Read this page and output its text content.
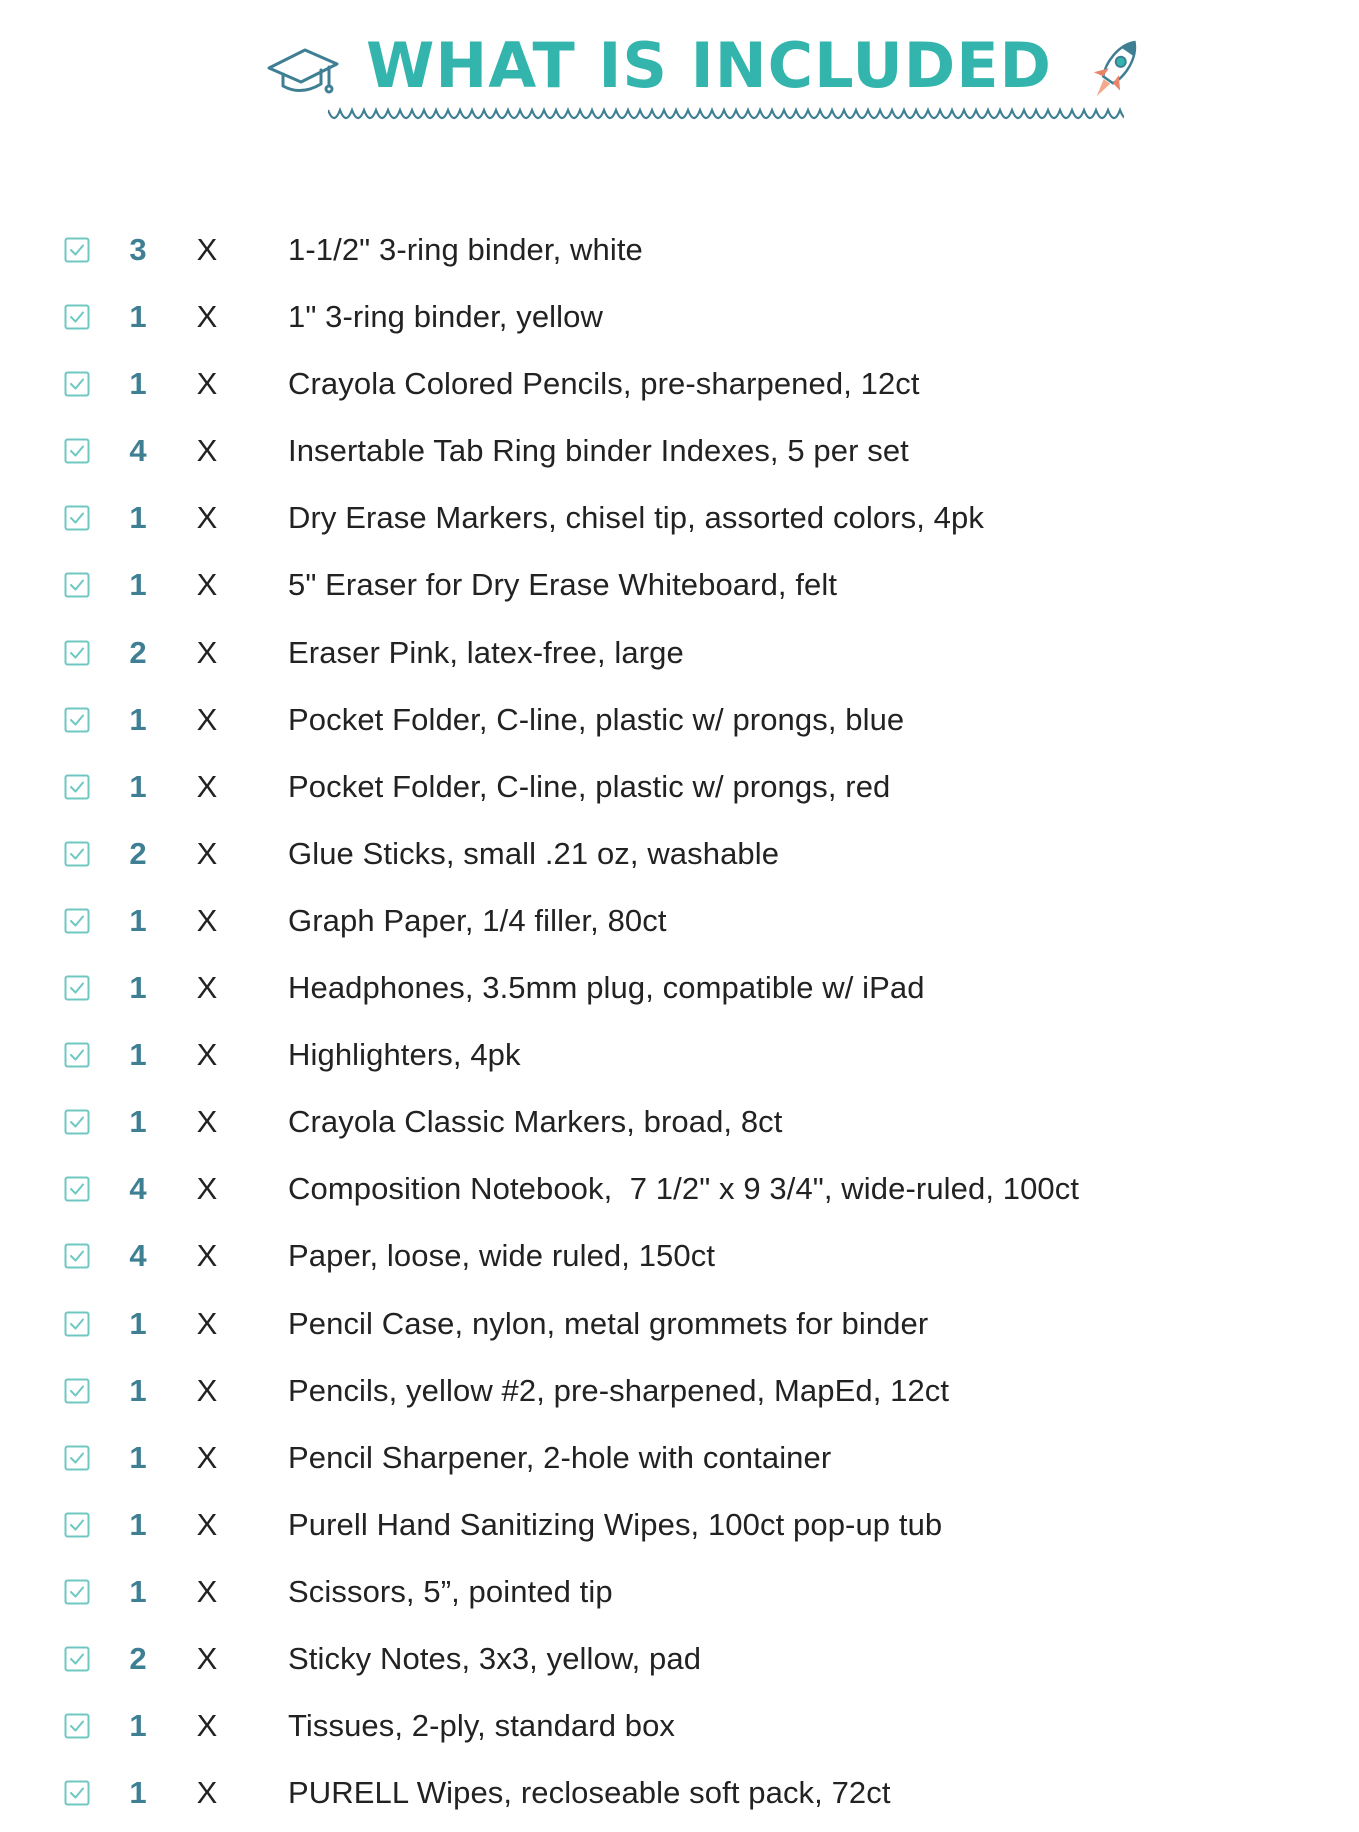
WHAT IS INCLUDED
3 X 1-1/2" 3-ring binder, white
1 X 1" 3-ring binder, yellow
1 X Crayola Colored Pencils, pre-sharpened, 12ct
4 X Insertable Tab Ring binder Indexes, 5 per set
1 X Dry Erase Markers, chisel tip, assorted colors, 4pk
1 X 5" Eraser for Dry Erase Whiteboard, felt
2 X Eraser Pink, latex-free, large
1 X Pocket Folder, C-line, plastic w/ prongs, blue
1 X Pocket Folder, C-line, plastic w/ prongs, red
2 X Glue Sticks, small .21 oz, washable
1 X Graph Paper, 1/4 filler, 80ct
1 X Headphones, 3.5mm plug, compatible w/ iPad
1 X Highlighters, 4pk
1 X Crayola Classic Markers, broad, 8ct
4 X Composition Notebook,  7 1/2" x 9 3/4", wide-ruled, 100ct
4 X Paper, loose, wide ruled, 150ct
1 X Pencil Case, nylon, metal grommets for binder
1 X Pencils, yellow #2, pre-sharpened, MapEd, 12ct
1 X Pencil Sharpener, 2-hole with container
1 X Purell Hand Sanitizing Wipes, 100ct pop-up tub
1 X Scissors, 5”, pointed tip
2 X Sticky Notes, 3x3, yellow, pad
1 X Tissues, 2-ply, standard box
1 X PURELL Wipes, recloseable soft pack, 72ct
